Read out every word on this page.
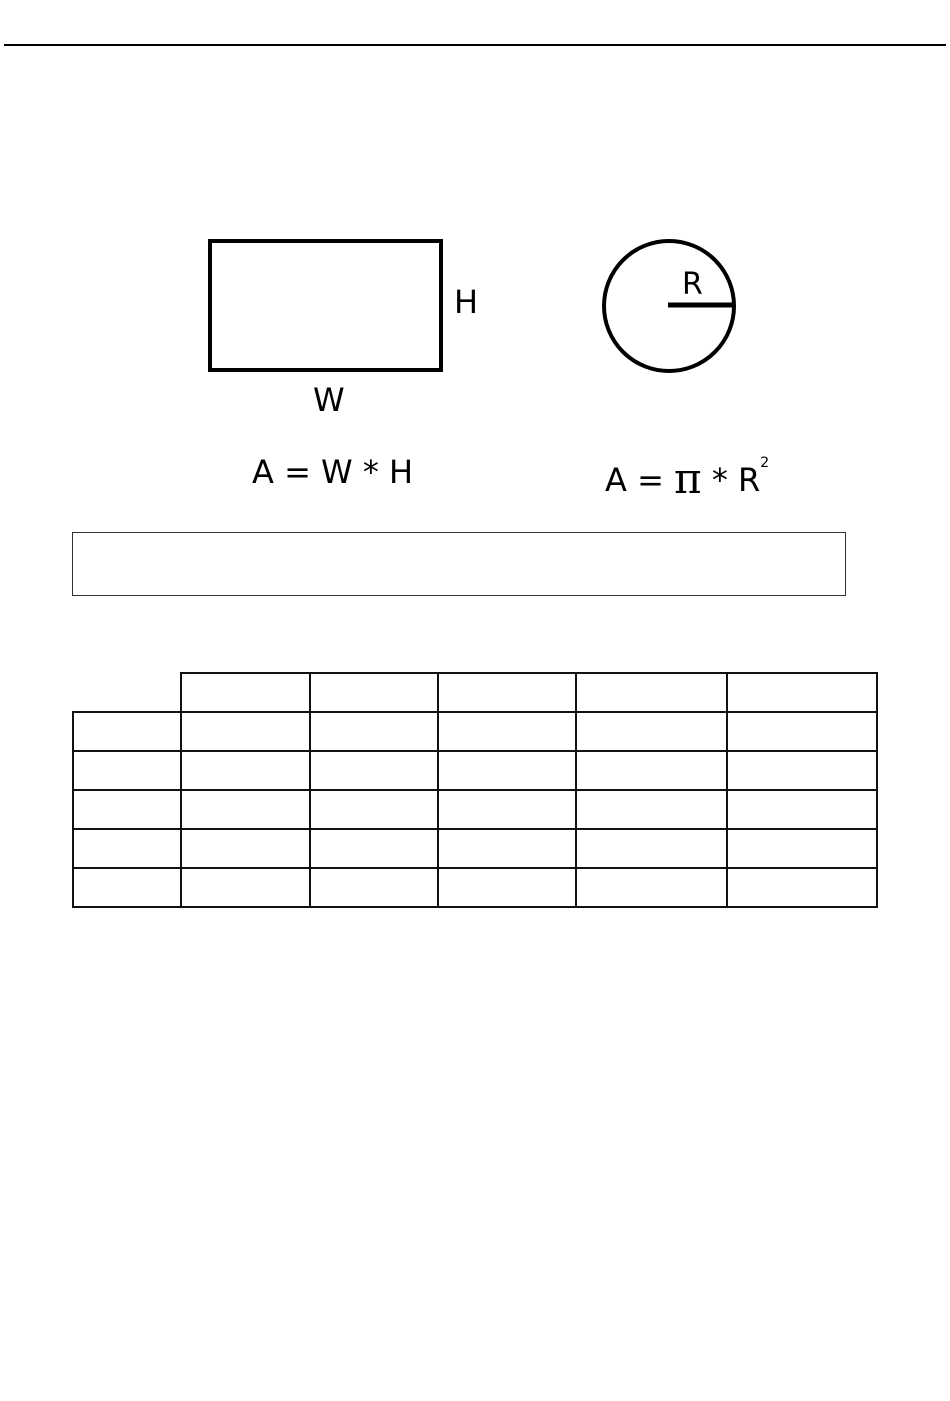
H
W
R
A = W * H	$A = \pi * R^2$
